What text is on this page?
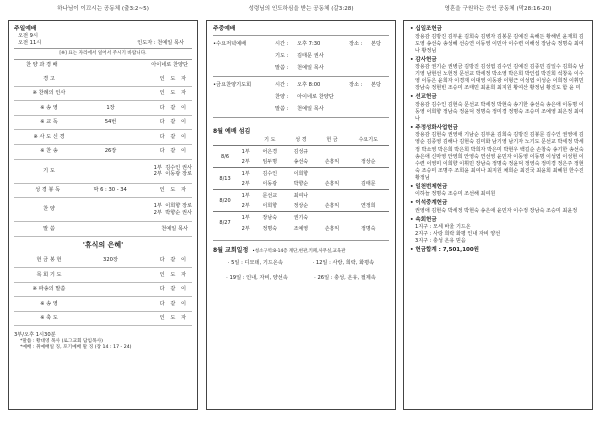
하나님이 이끄시는 공동체 (출3:2~5)
주일예배
오전 9시
오전 11시	인도자 : 천예일 목사
[※] 표는 자리에서 일어서 주시기 바랍니다.
찬 양 과 경 배	아이네로 찬양단
경 고	인 도 자
※ 찬례의 인사	인 도 자
※ 송 영	1장	다 같 이
※ 교 독	54번	다 같 이
※ 사 도 신 경	다 같 이
※ 찬 송	26장	다 같 이
기 도
1부 김수인 권사
2부 이동광 장로
성 경 봉 독	막 6 : 30 - 34	인 도 자
찬 양
1부 이희향 장로
2부 박향순 권사
말 씀	천예일 목사
'휴식의 은혜'
헌 금 봉 헌	320장	다 같 이
목 회 기 도	인 도 자
※ 파송의 말씀	다 같 이
※ 송 영	다 같 이
※ 축 도	인 도 자
3부/오후 1시30분
*말씀 : 황대영 목사 (로그교회 담임목사)
*예배 : 취예배일 징, 포기예배 말 징 (장 14 : 17 - 24)
성령님의 인도하심을 받는 공동체 (갈3:28)
주중예배
•수요저녁예배	시간 :	오후 7:30	장소 :	본당
기도 :	김태문 권사
말씀 :	천예일 목사
•금요찬양기도회	시간 :	오후 8:00	장소 :	본당
찬양 :	아이네로 찬양단
말씀 :	천예일 목사
8월 예배 섬김
		기 도	성 경	헌 금	수요기도
8/6	1부	어은경	김성규		
	2부	임두명	송선숙	손흥익	정상순
8/13	1부	김수인	이희향		
	2부	이동광	박향순	손흥익	김태문
8/20	1부	문선교	최여나		
	2부	이희향	정상순	손흥익	연정희
8/27	1부	장남숙	권기숙		
	2부	정명숙	조예영	손흥익	정명숙
8월 교회일정 •청소구역:8-14층 계단,현관,키페,사무실,교육관
· 5일 : 디모데, 기드온속	· 12일 : 사랑, 희락, 화평속
· 19일 : 인내, 자비, 양선속	· 26일 : 충성, 온유, 절제속
영혼을 구원하는 증인 공동체 (막28:16-20)
• 십일조헌금
장용감 김방진 김부윤 김희숙 김병자 김봉문 김예진 육해든 황해빈 윤재희 김도영 송선숙 송성혜 선승연 이동영 이민아 이수련 이해성 장남숙 정명숙 최여나 황정님
• 감사헌금
장용감 권기순 권병금 김방진 김성엽 김수인 김예진 김종민 김일수 김희숙 남기영 남현선 노헌정 문선교 박세정 박소영 박은희 박인섭 박진희 석창욱 이수영 이동은 윤희자 이경재 이대영 이동광 이형근 이성엽 이성순 이희정 이휘민 장남숙 정현빈 조승미 조태민 최윤희 최지원 황여산 황정님 황진도 함 윤 미
• 선교헌금
장용감 김수인 김현숙 문선교 박세정 박현숙 송기한 송선숙 송은애 이동명 이동영 이희향 정남숙 정윤덕 정명숙 정미경 정명숙 조승미 조예영 최은정 최여나
• 주정성화사업헌금
장용감 김현숙 권영애 기남순 김부윤 김희숙 김방진 김봉문 김수인 권영애 김영순 김종영 김해나 김현숙 김미화 남기영 남기자 노기도 문선교 박세정 박세정 박소영 박은희 박은희 박희자 박은미 박현우 백길순 손창숙 송기한 송선숙 송은애 신마영 안영희 안영숙 연선영 윤민자 이동영 이동명 이성엽 이성현 이수련 이영미 이희향 이휘민 장남숙 정명숙 정윤덕 정영숙 정미경 정은주 정현숙 조승미 조명주 조희윤 최여나 최지원 채희순 최진국 최윤희 최혜원 한수진 황정님
• 일천번제헌금
이하늘 정명숙 조승미 조선해 최여원
• 이석중계헌금
권영애 김현숙 박세정 박현숙 송은애 윤민자 이수정 장남숙 조승미 최윤정
• 속회헌금
1지구 : 모세 바울 기드온
2지구 : 사랑 희락 화평 인내 자비 양선
3지구 : 충성 온유 믿음
• 헌금합계 : 7,501,100원
